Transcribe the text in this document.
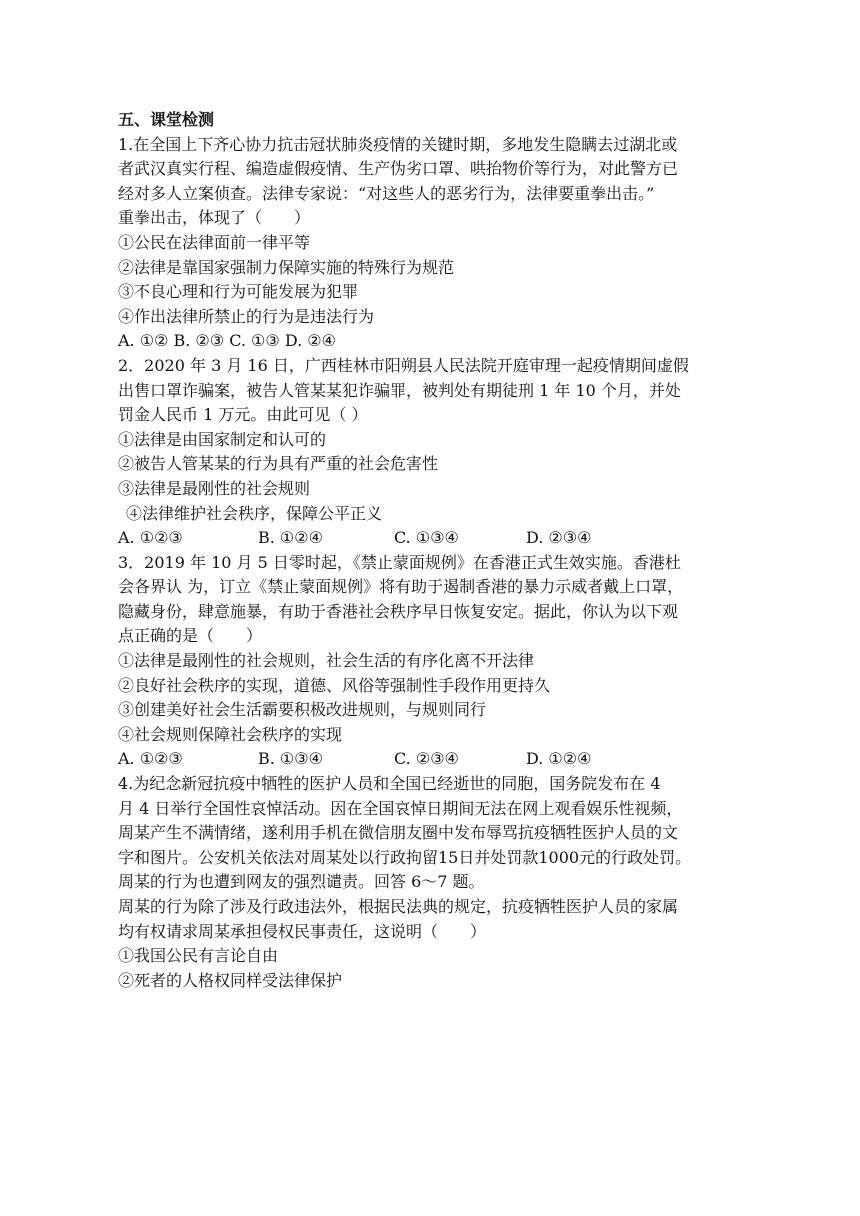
五、课堂检测
1.在全国上下齐心协力抗击冠状肺炎疫情的关键时期，多地发生隐瞒去过湖北或
者武汉真实行程、编造虚假疫情、生产伪劣口罩、哄抬物价等行为，对此警方已
经对多人立案侦查。法律专家说：“对这些人的恶劣行为，法律要重拳出击。”
重拳出击，体现了（　　）
①公民在法律面前一律平等
②法律是靠国家强制力保障实施的特殊行为规范
③不良心理和行为可能发展为犯罪
④作出法律所禁止的行为是违法行为
A. ①② B. ②③ C. ①③ D. ②④
2．2020 年 3 月 16 日，广西桂林市阳朔县人民法院开庭审理一起疫情期间虚假
出售口罩诈骗案，被告人管某某犯诈骗罪，被判处有期徒刑 1 年 10 个月，并处
罚金人民币 1 万元。由此可见（ ）
①法律是由国家制定和认可的
②被告人管某某的行为具有严重的社会危害性
③法律是最刚性的社会规则
④法律维护社会秩序，保障公平正义
A. ①②③	B. ①②④	C. ①③④	D. ②③④
3．2019 年 10 月 5 日零时起，《禁止蒙面规例》在香港正式生效实施。香港杜
会各界认 为，订立《禁止蒙面规例》将有助于遏制香港的暴力示威者戴上口罩，
隐藏身份，肆意施暴，有助于香港社会秩序早日恢复安定。据此，你认为以下观
点正确的是（　　）
①法律是最刚性的社会规则，社会生活的有序化离不开法律
②良好社会秩序的实现，道德、风俗等强制性手段作用更持久
③创建美好社会生活霸要积极改进规则，与规则同行
④社会规则保障社会秩序的实现
A. ①②③	B. ①③④	C. ②③④	D. ①②④
4.为纪念新冠抗疫中牺牲的医护人员和全国已经逝世的同胞，国务院发布在 4
月 4 日举行全国性哀悼活动。因在全国哀悼日期间无法在网上观看娱乐性视频，
周某产生不满情绪，遂利用手机在微信朋友圈中发布辱骂抗疫牺牲医护人员的文
字和图片。公安机关依法对周某处以行政拘留15日并处罚款1000元的行政处罚。
周某的行为也遭到网友的强烈谴责。回答 6～7 题。
周某的行为除了涉及行政违法外，根据民法典的规定，抗疫牺牲医护人员的家属
均有权请求周某承担侵权民事责任，这说明（　　）
①我国公民有言论自由
②死者的人格权同样受法律保护
